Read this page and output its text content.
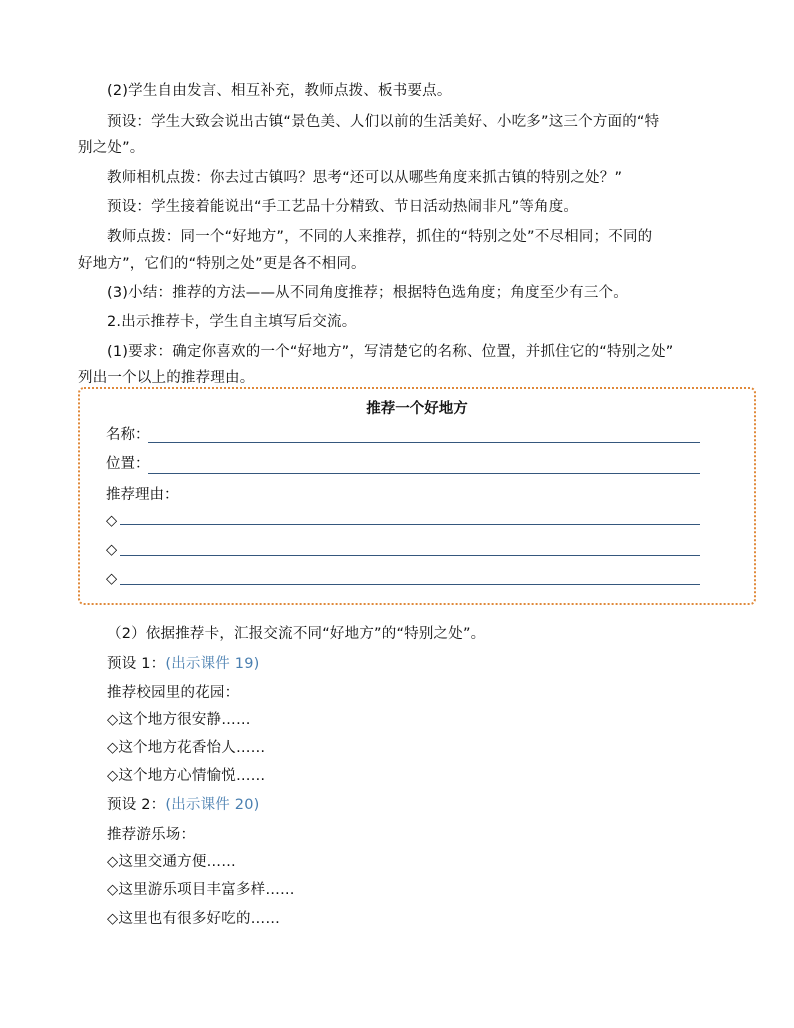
(2)学生自由发言、相互补充，教师点拨、板书要点。
预设：学生大致会说出古镇“景色美、人们以前的生活美好、小吃多”这三个方面的“特
别之处”。
教师相机点拨：你去过古镇吗？思考“还可以从哪些角度来抓古镇的特别之处？”
预设：学生接着能说出“手工艺品十分精致、节日活动热闹非凡”等角度。
教师点拨：同一个“好地方”，不同的人来推荐，抓住的“特别之处”不尽相同；不同的
好地方”，它们的“特别之处”更是各不相同。
(3)小结：推荐的方法——从不同角度推荐；根据特色选角度；角度至少有三个。
2.出示推荐卡，学生自主填写后交流。
(1)要求：确定你喜欢的一个“好地方”，写清楚它的名称、位置，并抓住它的“特别之处”
列出一个以上的推荐理由。
推荐一个好地方
名称：
位置：
推荐理由：
◇
◇
◇
（2）依据推荐卡，汇报交流不同“好地方”的“特别之处”。
预设 1：(出示课件 19)
推荐校园里的花园：
◇这个地方很安静……
◇这个地方花香怡人……
◇这个地方心情愉悦……
预设 2：(出示课件 20)
推荐游乐场：
◇这里交通方便……
◇这里游乐项目丰富多样……
◇这里也有很多好吃的……
